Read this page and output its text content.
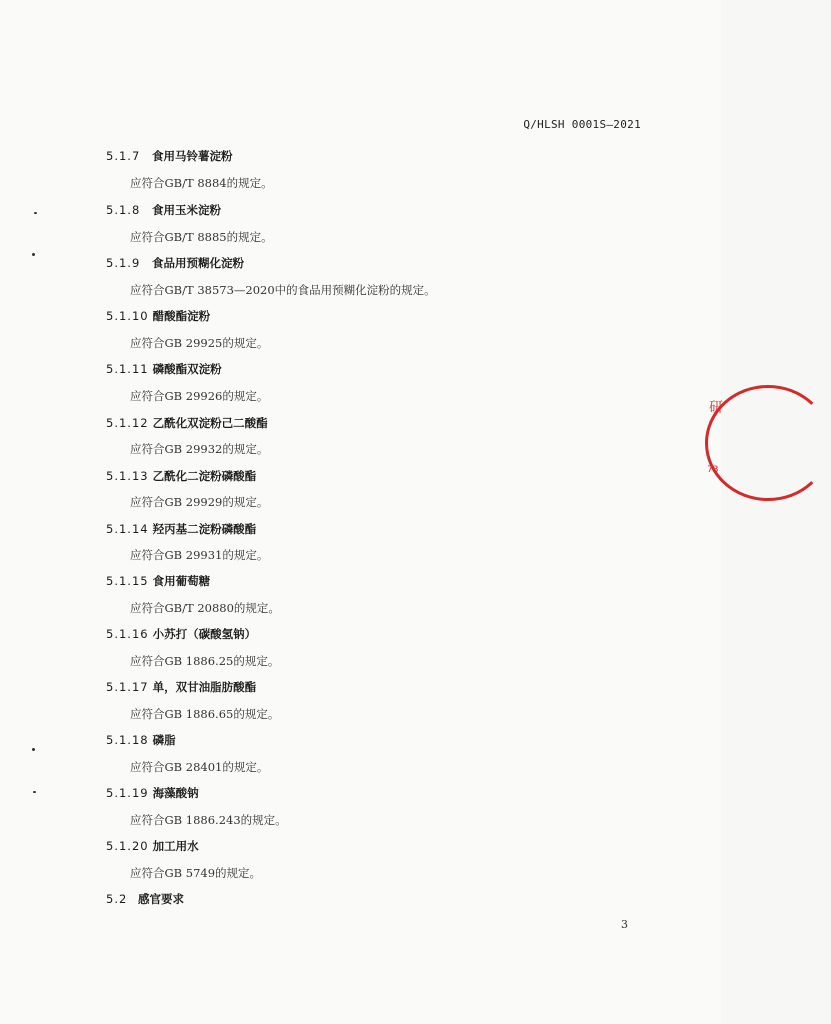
Q/HLSH 0001S—2021
5.1.7 食用马铃薯淀粉
应符合GB/T 8884的规定。
5.1.8 食用玉米淀粉
应符合GB/T 8885的规定。
5.1.9 食品用预糊化淀粉
应符合GB/T 38573—2020中的食品用预糊化淀粉的规定。
5.1.10 醋酸酯淀粉
应符合GB 29925的规定。
5.1.11 磷酸酯双淀粉
应符合GB 29926的规定。
5.1.12 乙酰化双淀粉己二酸酯
应符合GB 29932的规定。
5.1.13 乙酰化二淀粉磷酸酯
应符合GB 29929的规定。
5.1.14 羟丙基二淀粉磷酸酯
应符合GB 29931的规定。
5.1.15 食用葡萄糖
应符合GB/T 20880的规定。
5.1.16 小苏打（碳酸氢钠）
应符合GB 1886.25的规定。
5.1.17 单，双甘油脂肪酸酯
应符合GB 1886.65的规定。
5.1.18 磷脂
应符合GB 28401的规定。
5.1.19 海藻酸钠
应符合GB 1886.243的规定。
5.1.20 加工用水
应符合GB 5749的规定。
5.2 感官要求
3
研
73
